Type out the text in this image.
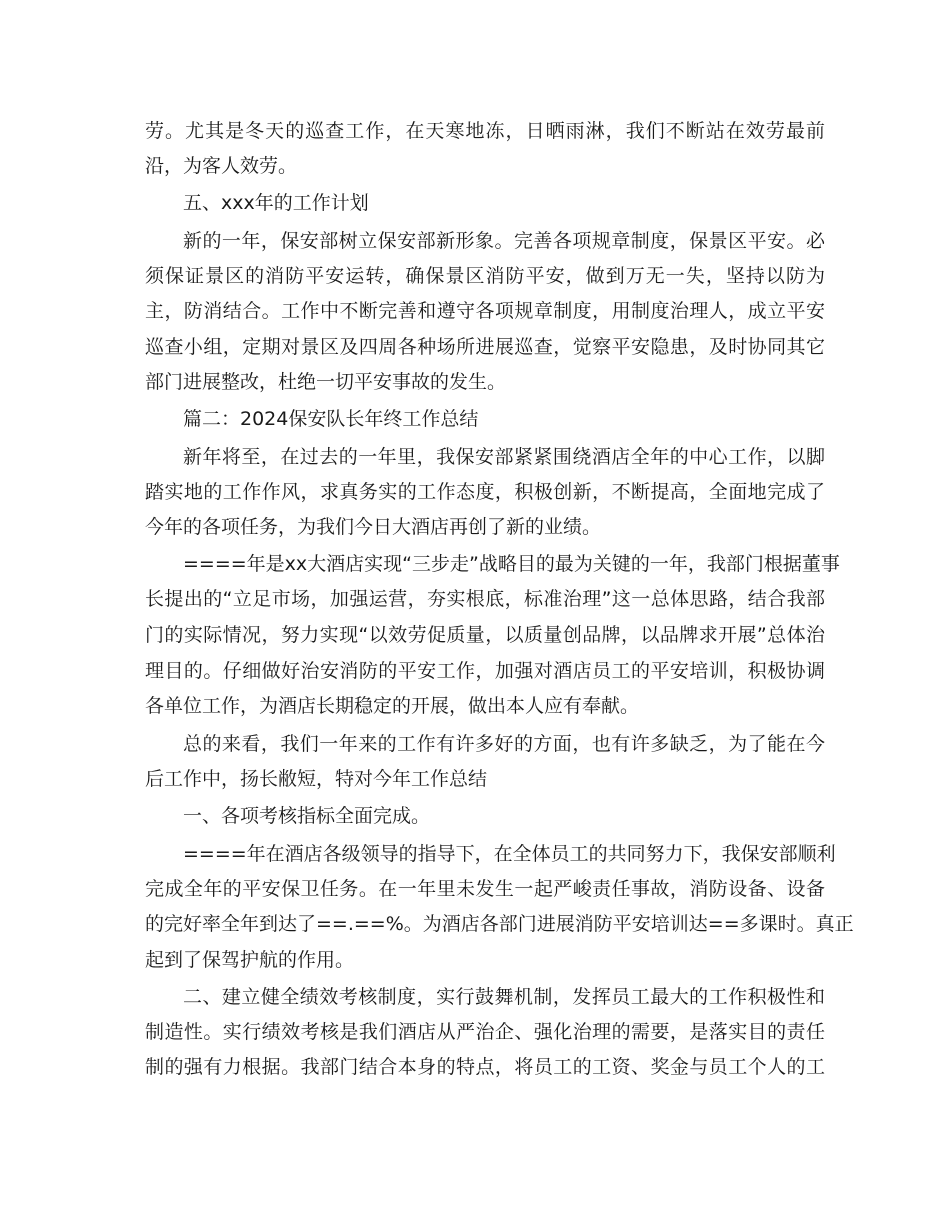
劳。尤其是冬天的巡查工作，在天寒地冻，日晒雨淋，我们不断站在效劳最前
沿，为客人效劳。
五、xxx年的工作计划
新的一年，保安部树立保安部新形象。完善各项规章制度，保景区平安。必
须保证景区的消防平安运转，确保景区消防平安，做到万无一失，坚持以防为
主，防消结合。工作中不断完善和遵守各项规章制度，用制度治理人，成立平安
巡查小组，定期对景区及四周各种场所进展巡查，觉察平安隐患，及时协同其它
部门进展整改，杜绝一切平安事故的发生。
篇二：2024保安队长年终工作总结
新年将至，在过去的一年里，我保安部紧紧围绕酒店全年的中心工作，以脚
踏实地的工作作风，求真务实的工作态度，积极创新，不断提高，全面地完成了
今年的各项任务，为我们今日大酒店再创了新的业绩。
====年是xx大酒店实现“三步走”战略目的最为关键的一年，我部门根据董事
长提出的“立足市场，加强运营，夯实根底，标准治理”这一总体思路，结合我部
门的实际情况，努力实现“以效劳促质量，以质量创品牌，以品牌求开展”总体治
理目的。仔细做好治安消防的平安工作，加强对酒店员工的平安培训，积极协调
各单位工作，为酒店长期稳定的开展，做出本人应有奉献。
总的来看，我们一年来的工作有许多好的方面，也有许多缺乏，为了能在今
后工作中，扬长敝短，特对今年工作总结
一、各项考核指标全面完成。
====年在酒店各级领导的指导下，在全体员工的共同努力下，我保安部顺利
完成全年的平安保卫任务。在一年里未发生一起严峻责任事故，消防设备、设备
的完好率全年到达了==.==%。为酒店各部门进展消防平安培训达==多课时。真正
起到了保驾护航的作用。
二、建立健全绩效考核制度，实行鼓舞机制，发挥员工最大的工作积极性和
制造性。实行绩效考核是我们酒店从严治企、强化治理的需要，是落实目的责任
制的强有力根据。我部门结合本身的特点，将员工的工资、奖金与员工个人的工
